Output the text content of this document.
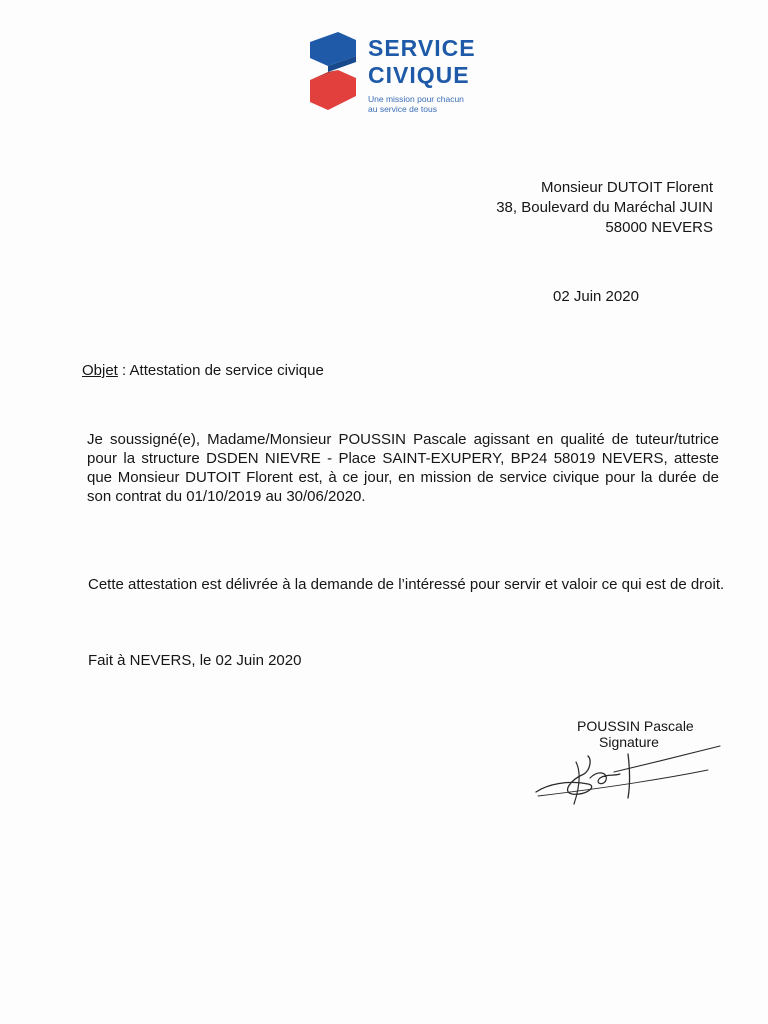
SERVICE
CIVIQUE
Une mission pour chacun
au service de tous
Monsieur DUTOIT Florent
38, Boulevard du Maréchal JUIN
58000 NEVERS
02 Juin 2020
Objet : Attestation de service civique
Je soussigné(e), Madame/Monsieur POUSSIN Pascale agissant en qualité de tuteur/tutrice pour la structure DSDEN NIEVRE - Place SAINT-EXUPERY, BP24 58019 NEVERS, atteste que Monsieur DUTOIT Florent est, à ce jour, en mission de service civique pour la durée de son contrat du 01/10/2019 au 30/06/2020.
Cette attestation est délivrée à la demande de l’intéressé pour servir et valoir ce qui est de droit.
Fait à NEVERS, le 02 Juin 2020
POUSSIN Pascale
Signature
